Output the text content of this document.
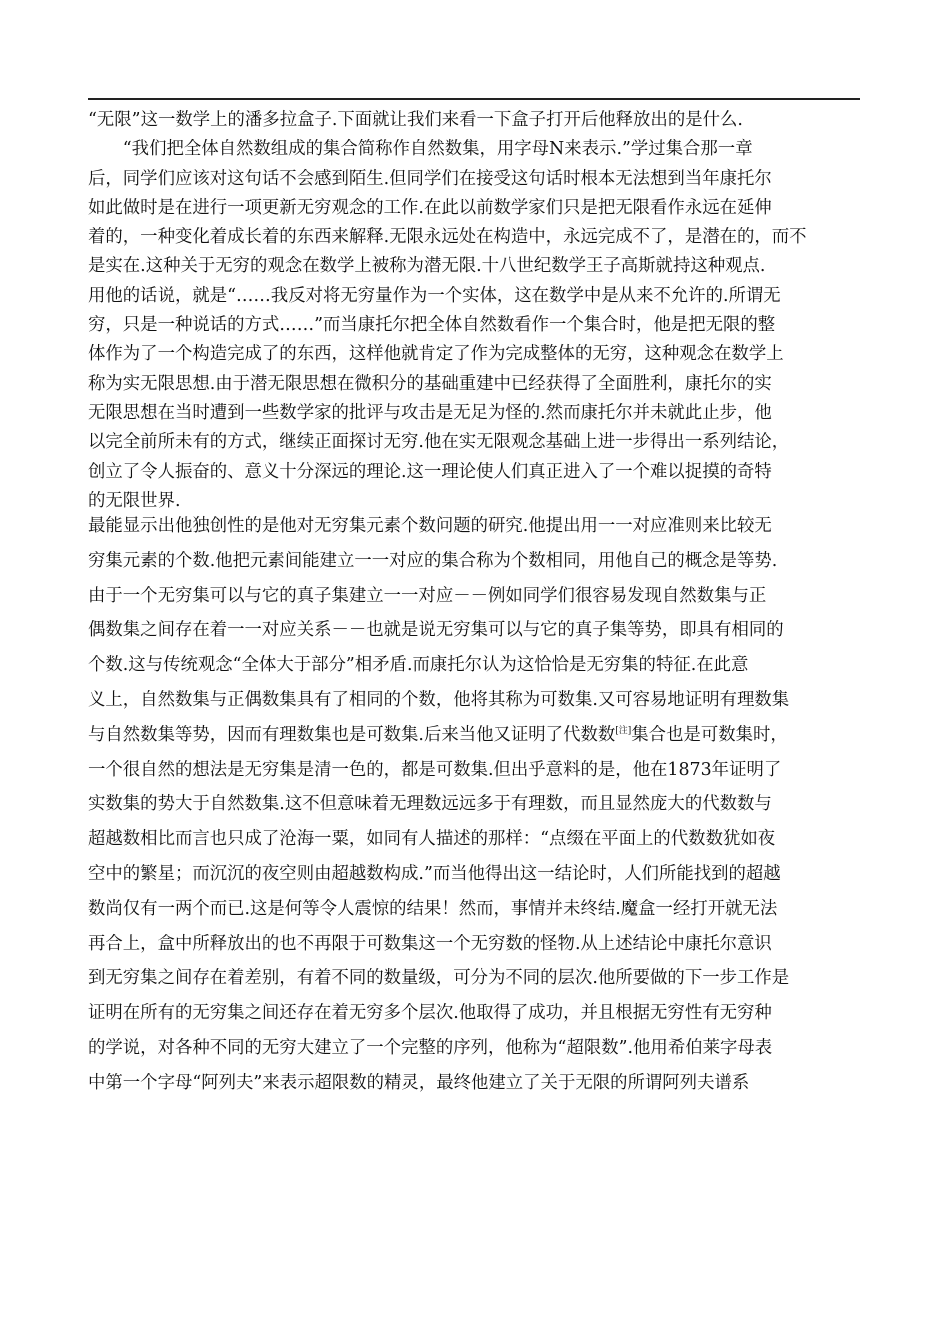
“无限”这一数学上的潘多拉盒子.下面就让我们来看一下盒子打开后他释放出的是什么.
　　“我们把全体自然数组成的集合简称作自然数集，用字母N来表示.”学过集合那一章
后，同学们应该对这句话不会感到陌生.但同学们在接受这句话时根本无法想到当年康托尔
如此做时是在进行一项更新无穷观念的工作.在此以前数学家们只是把无限看作永远在延伸
着的，一种变化着成长着的东西来解释.无限永远处在构造中，永远完成不了，是潜在的，而不
是实在.这种关于无穷的观念在数学上被称为潜无限.十八世纪数学王子高斯就持这种观点.
用他的话说，就是“……我反对将无穷量作为一个实体，这在数学中是从来不允许的.所谓无
穷，只是一种说话的方式……”而当康托尔把全体自然数看作一个集合时，他是把无限的整
体作为了一个构造完成了的东西，这样他就肯定了作为完成整体的无穷，这种观念在数学上
称为实无限思想.由于潜无限思想在微积分的基础重建中已经获得了全面胜利，康托尔的实
无限思想在当时遭到一些数学家的批评与攻击是无足为怪的.然而康托尔并未就此止步，他
以完全前所未有的方式，继续正面探讨无穷.他在实无限观念基础上进一步得出一系列结论，
创立了令人振奋的、意义十分深远的理论.这一理论使人们真正进入了一个难以捉摸的奇特
的无限世界.
最能显示出他独创性的是他对无穷集元素个数问题的研究.他提出用一一对应准则来比较无
穷集元素的个数.他把元素间能建立一一对应的集合称为个数相同，用他自己的概念是等势.
由于一个无穷集可以与它的真子集建立一一对应－－例如同学们很容易发现自然数集与正
偶数集之间存在着一一对应关系－－也就是说无穷集可以与它的真子集等势，即具有相同的
个数.这与传统观念“全体大于部分”相矛盾.而康托尔认为这恰恰是无穷集的特征.在此意
义上，自然数集与正偶数集具有了相同的个数，他将其称为可数集.又可容易地证明有理数集
与自然数集等势，因而有理数集也是可数集.后来当他又证明了代数数[注]集合也是可数集时，
一个很自然的想法是无穷集是清一色的，都是可数集.但出乎意料的是，他在1873年证明了
实数集的势大于自然数集.这不但意味着无理数远远多于有理数，而且显然庞大的代数数与
超越数相比而言也只成了沧海一粟，如同有人描述的那样：“点缀在平面上的代数数犹如夜
空中的繁星；而沉沉的夜空则由超越数构成.”而当他得出这一结论时，人们所能找到的超越
数尚仅有一两个而已.这是何等令人震惊的结果！然而，事情并未终结.魔盒一经打开就无法
再合上，盒中所释放出的也不再限于可数集这一个无穷数的怪物.从上述结论中康托尔意识
到无穷集之间存在着差别，有着不同的数量级，可分为不同的层次.他所要做的下一步工作是
证明在所有的无穷集之间还存在着无穷多个层次.他取得了成功，并且根据无穷性有无穷种
的学说，对各种不同的无穷大建立了一个完整的序列，他称为“超限数”.他用希伯莱字母表
中第一个字母“阿列夫”来表示超限数的精灵，最终他建立了关于无限的所谓阿列夫谱系
